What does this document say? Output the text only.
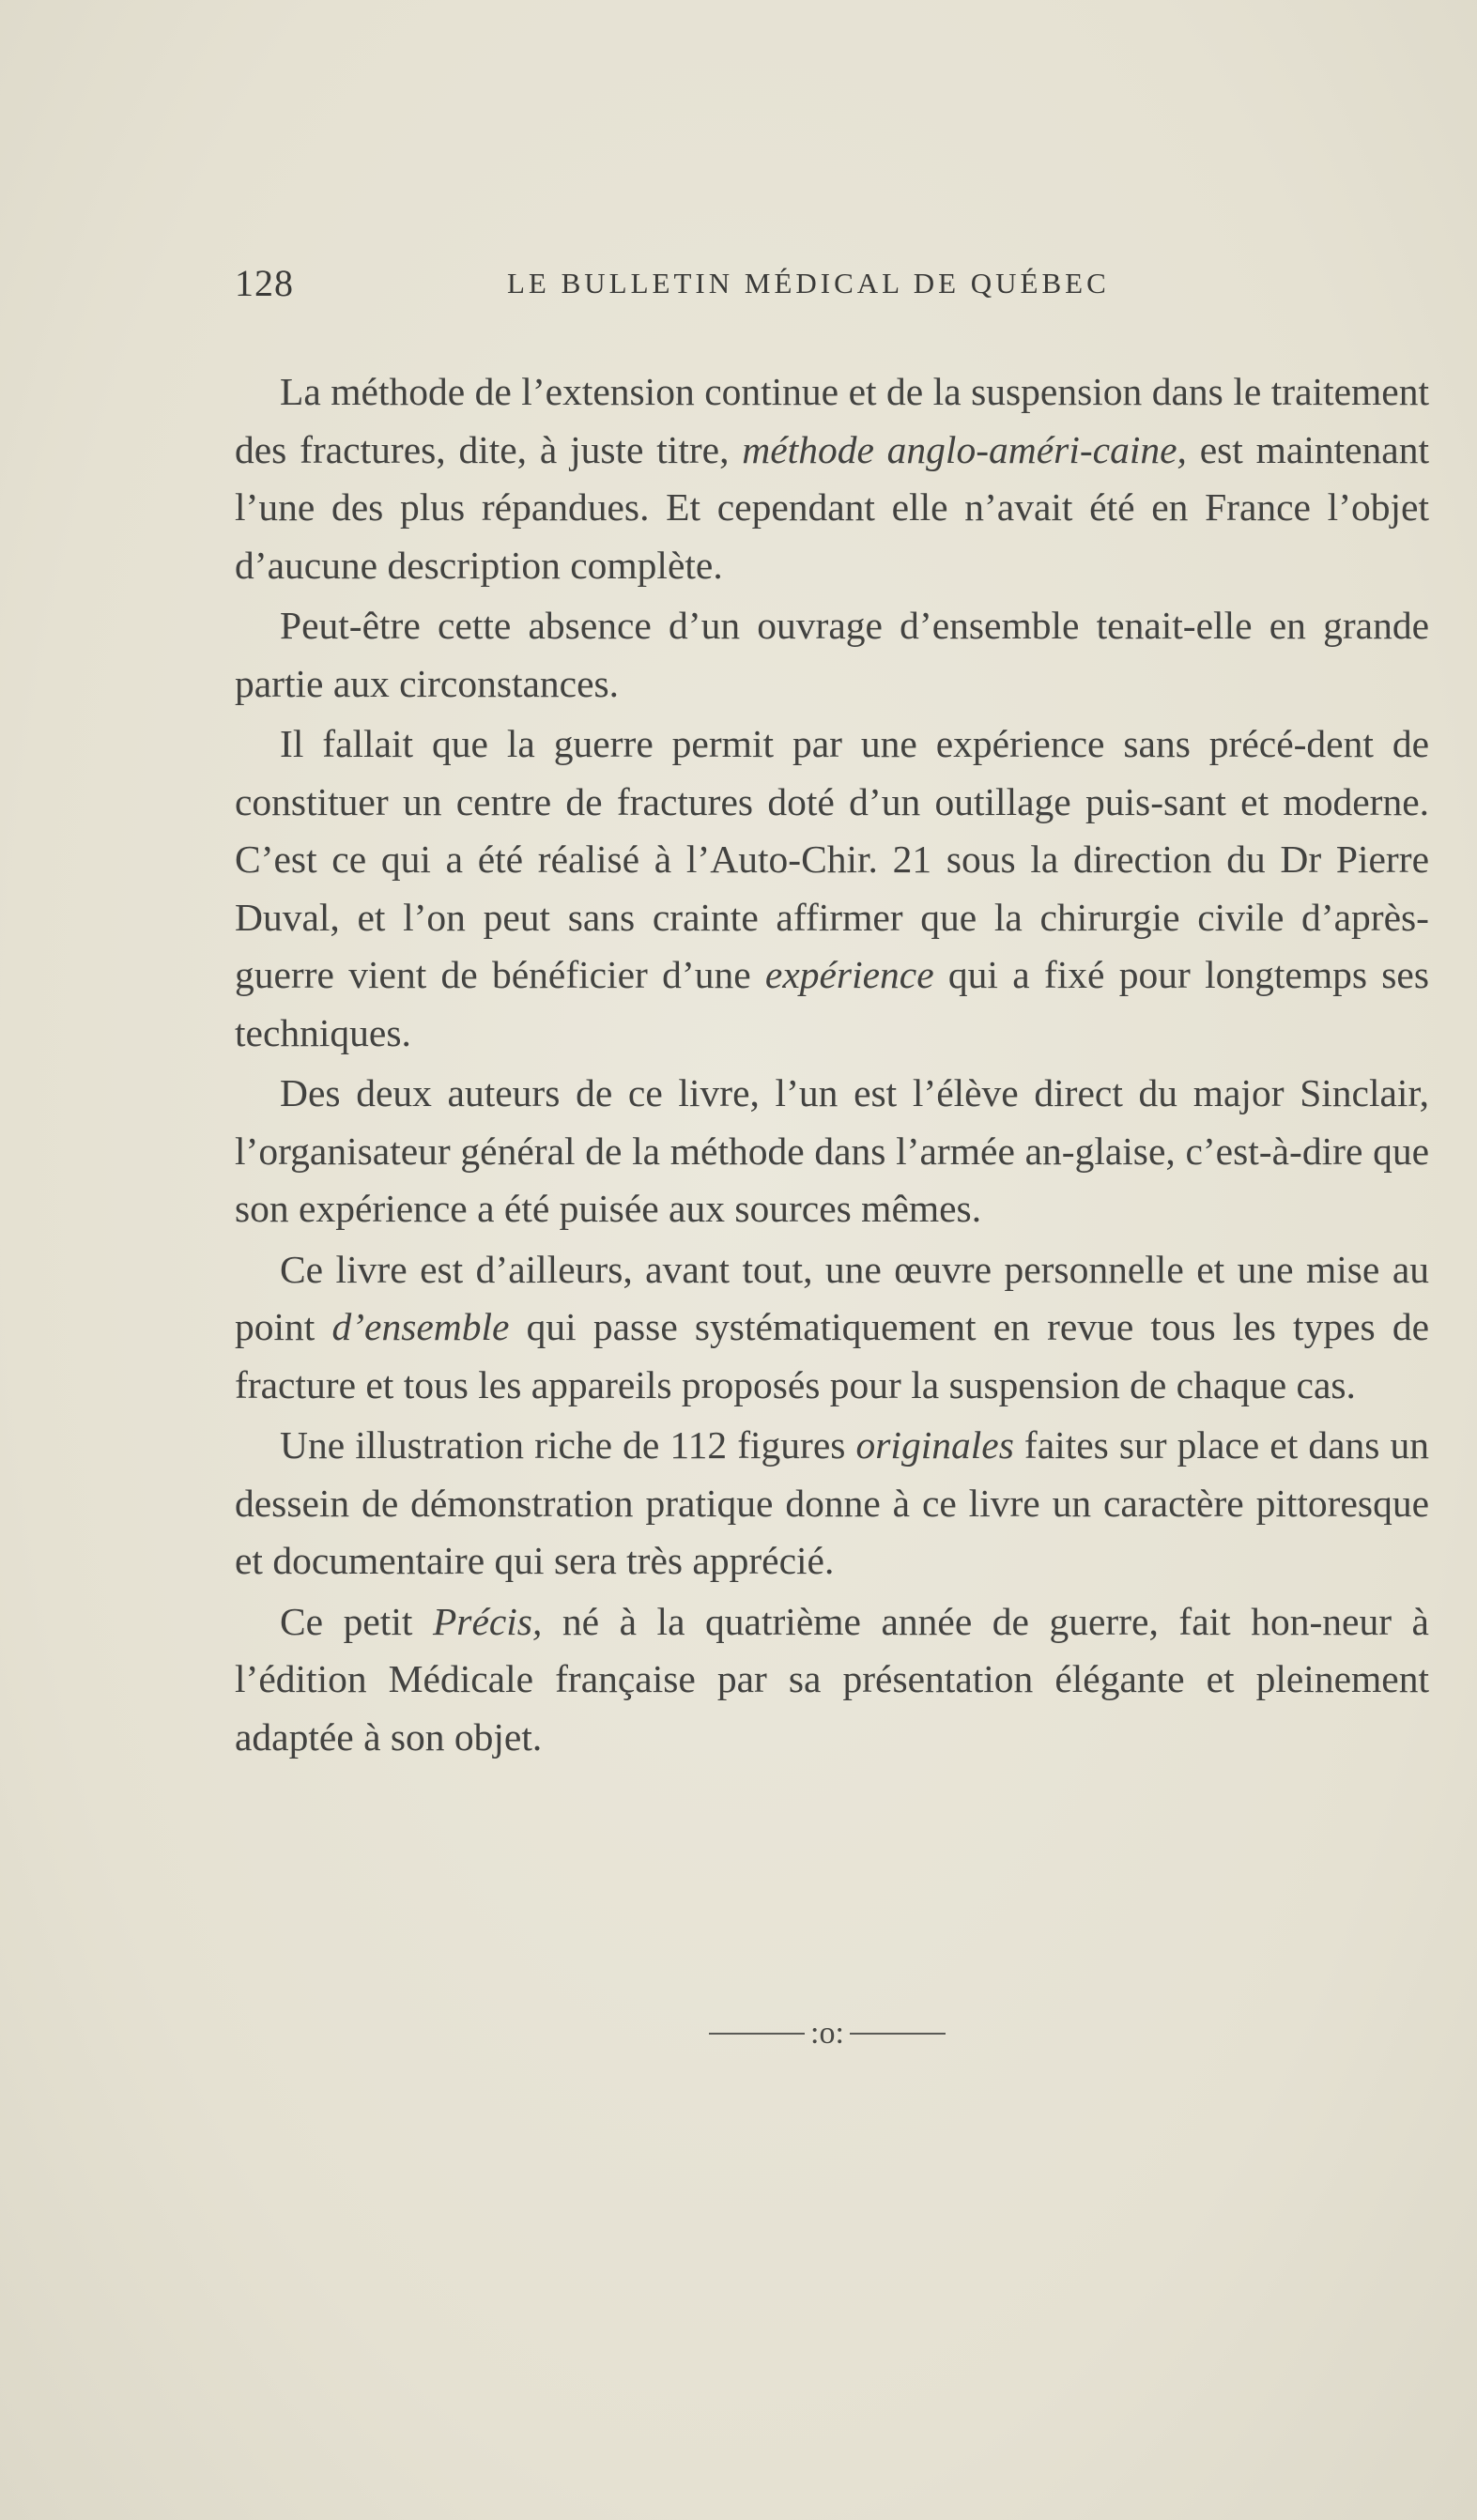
128	LE BULLETIN MÉDICAL DE QUÉBEC

La méthode de l’extension continue et de la suspension dans le traitement des fractures, dite, à juste titre, méthode anglo-améri-caine, est maintenant l’une des plus répandues. Et cependant elle n’avait été en France l’objet d’aucune description complète.

Peut-être cette absence d’un ouvrage d’ensemble tenait-elle en grande partie aux circonstances.

Il fallait que la guerre permit par une expérience sans précé-dent de constituer un centre de fractures doté d’un outillage puis-sant et moderne. C’est ce qui a été réalisé à l’Auto-Chir. 21 sous la direction du Dr Pierre Duval, et l’on peut sans crainte affirmer que la chirurgie civile d’après-guerre vient de bénéficier d’une expérience qui a fixé pour longtemps ses techniques.

Des deux auteurs de ce livre, l’un est l’élève direct du major Sinclair, l’organisateur général de la méthode dans l’armée an-glaise, c’est-à-dire que son expérience a été puisée aux sources mêmes.

Ce livre est d’ailleurs, avant tout, une œuvre personnelle et une mise au point d’ensemble qui passe systématiquement en revue tous les types de fracture et tous les appareils proposés pour la suspension de chaque cas.

Une illustration riche de 112 figures originales faites sur place et dans un dessein de démonstration pratique donne à ce livre un caractère pittoresque et documentaire qui sera très apprécié.

Ce petit Précis, né à la quatrième année de guerre, fait hon-neur à l’édition Médicale française par sa présentation élégante et pleinement adaptée à son objet.

:o:
